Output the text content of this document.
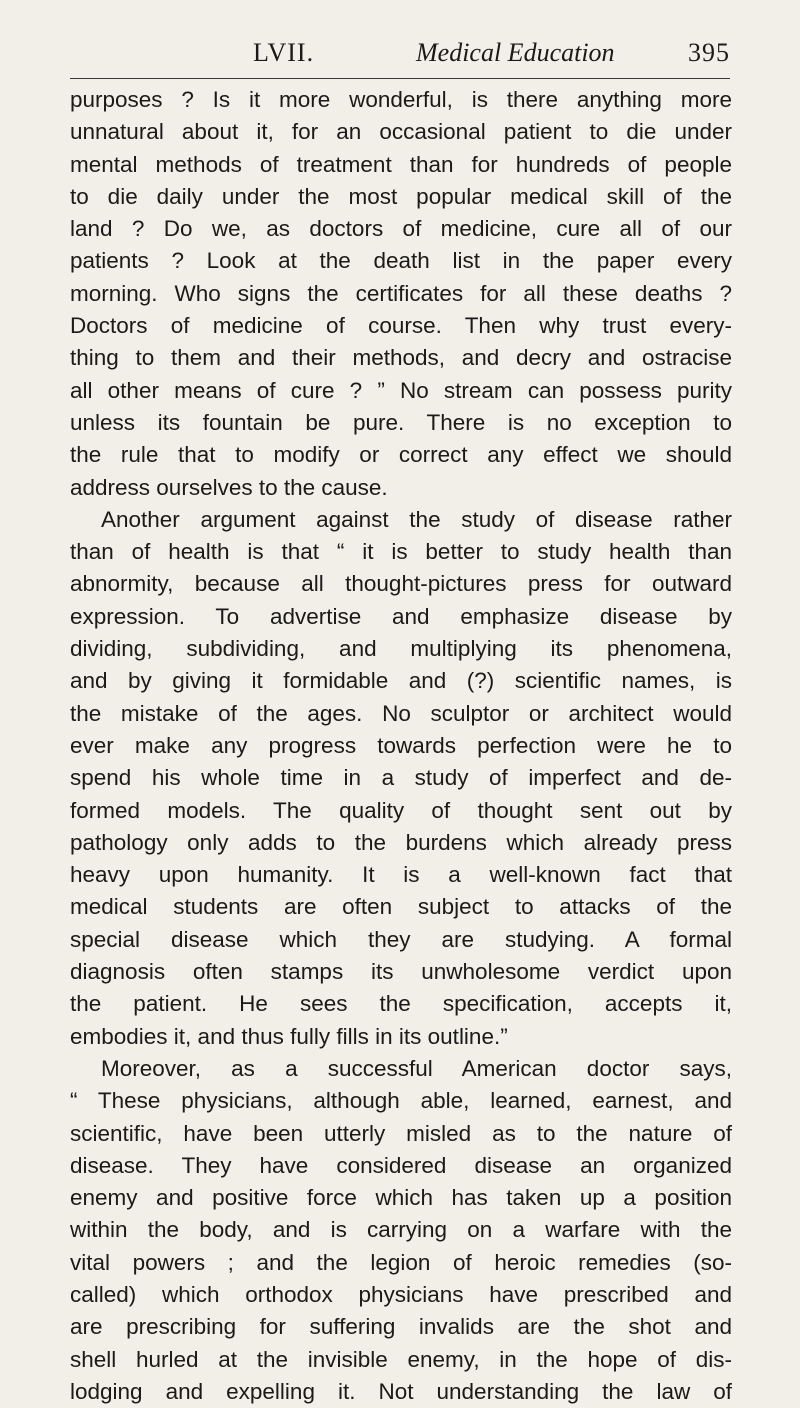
LVII.	Medical Education	395
purposes ? Is it more wonderful, is there anything more
unnatural about it, for an occasional patient to die under
mental methods of treatment than for hundreds of people
to die daily under the most popular medical skill of the
land ? Do we, as doctors of medicine, cure all of our
patients ? Look at the death list in the paper every
morning. Who signs the certificates for all these deaths ?
Doctors of medicine of course. Then why trust every-
thing to them and their methods, and decry and ostracise
all other means of cure ? ” No stream can possess purity
unless its fountain be pure. There is no exception to
the rule that to modify or correct any effect we should
address ourselves to the cause.
Another argument against the study of disease rather
than of health is that “ it is better to study health than
abnormity, because all thought-pictures press for outward
expression. To advertise and emphasize disease by
dividing, subdividing, and multiplying its phenomena,
and by giving it formidable and (?) scientific names, is
the mistake of the ages. No sculptor or architect would
ever make any progress towards perfection were he to
spend his whole time in a study of imperfect and de-
formed models. The quality of thought sent out by
pathology only adds to the burdens which already press
heavy upon humanity. It is a well-known fact that
medical students are often subject to attacks of the
special disease which they are studying. A formal
diagnosis often stamps its unwholesome verdict upon
the patient. He sees the specification, accepts it,
embodies it, and thus fully fills in its outline.”
Moreover, as a successful American doctor says,
“ These physicians, although able, learned, earnest, and
scientific, have been utterly misled as to the nature of
disease. They have considered disease an organized
enemy and positive force which has taken up a position
within the body, and is carrying on a warfare with the
vital powers ; and the legion of heroic remedies (so-
called) which orthodox physicians have prescribed and
are prescribing for suffering invalids are the shot and
shell hurled at the invisible enemy, in the hope of dis-
lodging and expelling it. Not understanding the law of
